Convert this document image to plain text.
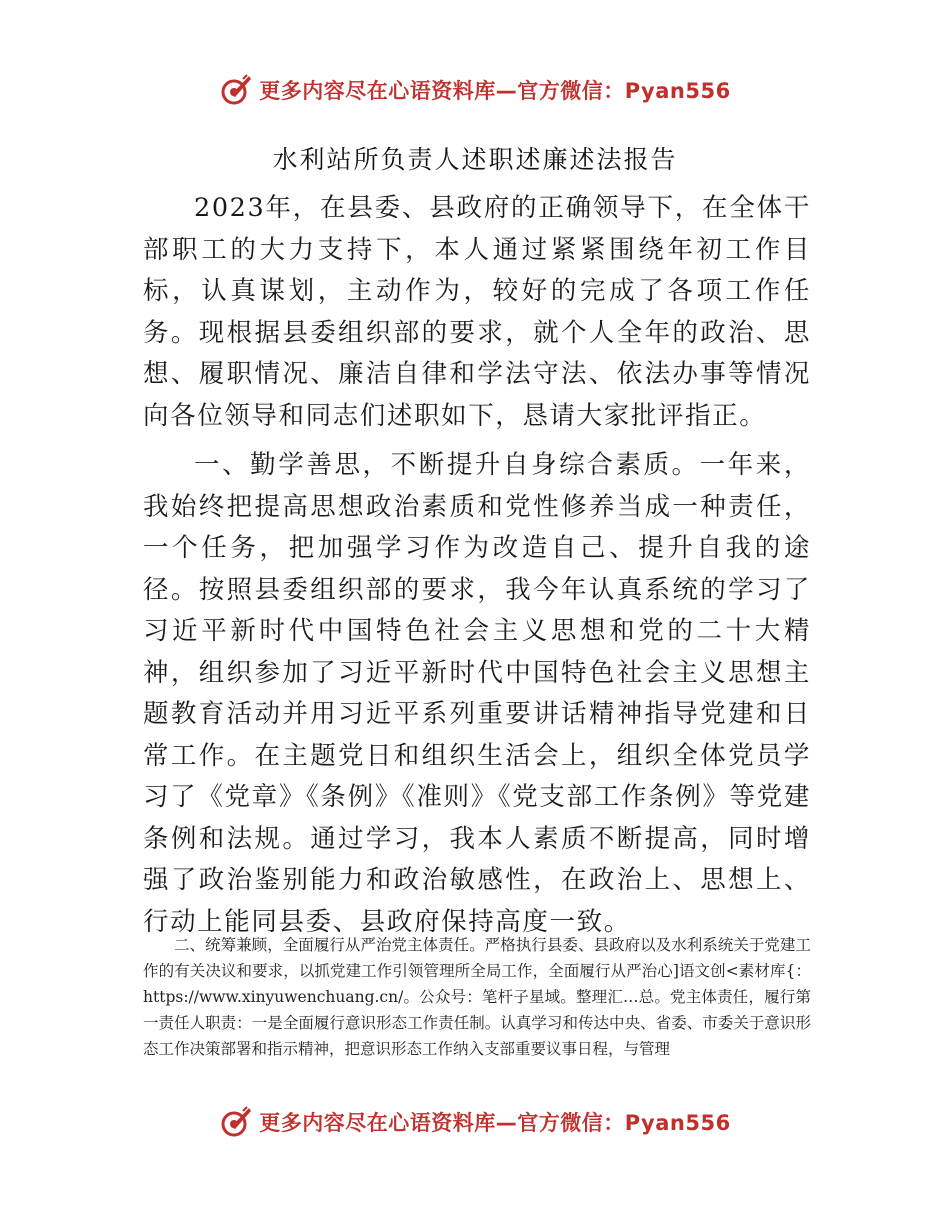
更多内容尽在心语资料库—官方微信：Pyan556
水利站所负责人述职述廉述法报告

2023年，在县委、县政府的正确领导下，在全体干部职工的大力支持下，本人通过紧紧围绕年初工作目标，认真谋划，主动作为，较好的完成了各项工作任务。现根据县委组织部的要求，就个人全年的政治、思想、履职情况、廉洁自律和学法守法、依法办事等情况向各位领导和同志们述职如下，恳请大家批评指正。

一、勤学善思，不断提升自身综合素质。一年来，我始终把提高思想政治素质和党性修养当成一种责任，一个任务，把加强学习作为改造自己、提升自我的途径。按照县委组织部的要求，我今年认真系统的学习了习近平新时代中国特色社会主义思想和党的二十大精神，组织参加了习近平新时代中国特色社会主义思想主题教育活动并用习近平系列重要讲话精神指导党建和日常工作。在主题党日和组织生活会上，组织全体党员学习了《党章》《条例》《准则》《党支部工作条例》等党建条例和法规。通过学习，我本人素质不断提高，同时增强了政治鉴别能力和政治敏感性，在政治上、思想上、行动上能同县委、县政府保持高度一致。

二、统筹兼顾，全面履行从严治党主体责任。严格执行县委、县政府以及水利系统关于党建工作的有关决议和要求，以抓党建工作引领管理所全局工作，全面履行从严治心]语文创<素材库{：https://www.xinyuwenchuang.cn/。公众号：笔杆子星域。整理汇…总。党主体责任，履行第一责任人职责：一是全面履行意识形态工作责任制。认真学习和传达中央、省委、市委关于意识形态工作决策部署和指示精神，把意识形态工作纳入支部重要议事日程，与管理

更多内容尽在心语资料库—官方微信：Pyan556
